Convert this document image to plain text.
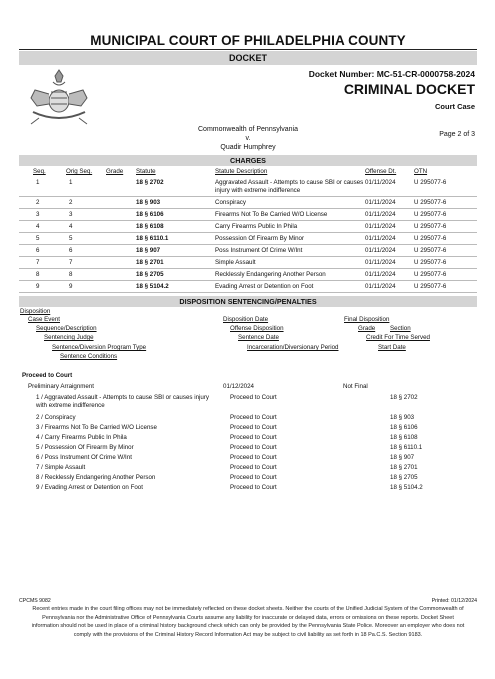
MUNICIPAL COURT OF PHILADELPHIA COUNTY
DOCKET
Docket Number: MC-51-CR-0000758-2024
CRIMINAL DOCKET
Court Case
Commonwealth of Pennsylvania
v.
Quadir Humphrey
Page 2 of 3
CHARGES
Seq.	Orig Seq. Grade Statute	Statute Description	Offense Dt.	OTN
1	1	18 § 2702	Aggravated Assault - Attempts to cause SBI or causes injury with extreme indifference
01/11/2024	U 295077-6
2	2	18 § 903	Conspiracy	01/11/2024	U 295077-6
3	3	18 § 6106	Firearms Not To Be Carried W/O License	01/11/2024	U 295077-6
4	4	18 § 6108	Carry Firearms Public In Phila	01/11/2024	U 295077-6
5	5	18 § 6110.1	Possession Of Firearm By Minor	01/11/2024	U 295077-6
6	6	18 § 907	Poss Instrument Of Crime W/Int	01/11/2024	U 295077-6
7	7	18 § 2701	Simple Assault	01/11/2024	U 295077-6
8	8	18 § 2705	Recklessly Endangering Another Person	01/11/2024	U 295077-6
9	9	18 § 5104.2	Evading Arrest or Detention on Foot	01/11/2024	U 295077-6
DISPOSITION SENTENCING/PENALTIES
Disposition
Case Event
Sequence/Description
Sentencing Judge
Sentence/Diversion Program Type
Sentence Conditions
Disposition Date
Offense Disposition
Sentence Date
Incarceration/Diversionary Period
Final Disposition
Grade Section
Credit For Time Served
Start Date
Proceed to Court
Preliminary Arraignment	01/12/2024	Not Final
1 / Aggravated Assault - Attempts to cause SBI or causes injury with extreme indifference
Proceed to Court	18 § 2702
2 / Conspiracy	Proceed to Court	18 § 903
3 / Firearms Not To Be Carried W/O License	Proceed to Court	18 § 6106
4 / Carry Firearms Public In Phila	Proceed to Court	18 § 6108
5 / Possession Of Firearm By Minor	Proceed to Court	18 § 6110.1
6 / Poss Instrument Of Crime W/Int	Proceed to Court	18 § 907
7 / Simple Assault	Proceed to Court	18 § 2701
8 / Recklessly Endangering Another Person	Proceed to Court	18 § 2705
9 / Evading Arrest or Detention on Foot	Proceed to Court	18 § 5104.2
CPCMS 9082	Printed: 01/12/2024
Recent entries made in the court filing offices may not be immediately reflected on these docket sheets. Neither the courts of the Unified Judicial System of the Commonwealth of Pennsylvania nor the Administrative Office of Pennsylvania Courts assume any liability for inaccurate or delayed data, errors or omissions on these reports. Docket Sheet information should not be used in place of a criminal history background check which can only be provided by the Pennsylvania State Police. Moreover an employer who does not comply with the provisions of the Criminal History Record Information Act may be subject to civil liability as set forth in 18 Pa.C.S. Section 9183.
